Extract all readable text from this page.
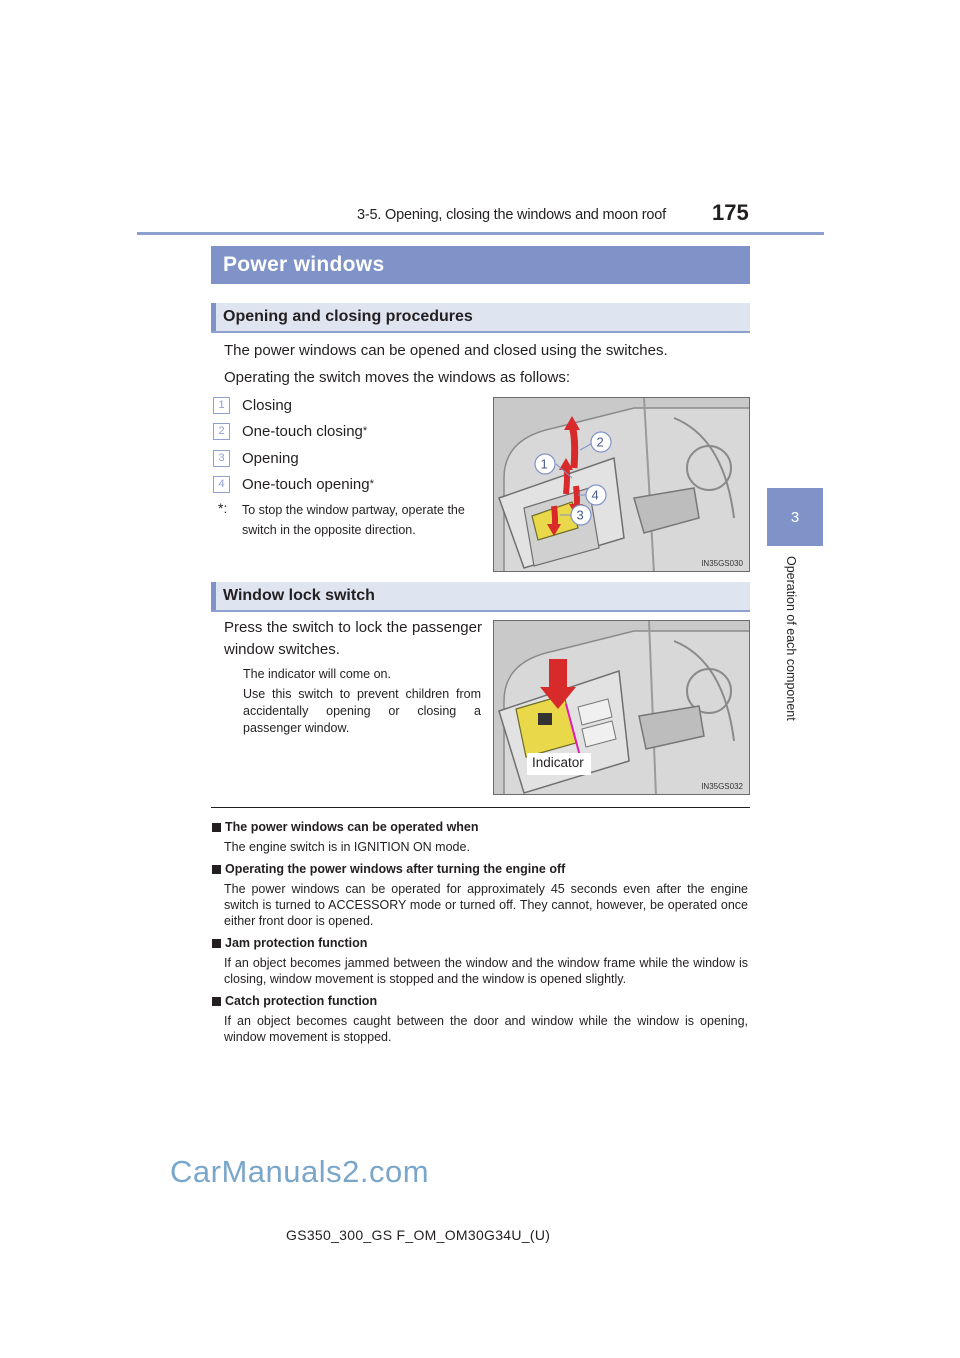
3-5. Opening, closing the windows and moon roof 175
3
Operation of each component
Power windows
Opening and closing procedures
The power windows can be opened and closed using the switches.
Operating the switch moves the windows as follows:
1	Closing
2	One-touch closing *
3	Opening
4	One-touch opening *
*:	To stop the window partway, operate the switch in the opposite direction.
1
2
3
4
IN35GS030
Window lock switch
Press the switch to lock the passenger window switches.
The indicator will come on.
Use this switch to prevent children from accidentally opening or closing a passenger window.
Indicator
IN35GS032
The power windows can be operated when
The engine switch is in IGNITION ON mode.
Operating the power windows after turning the engine off
The power windows can be operated for approximately 45 seconds even after the engine switch is turned to ACCESSORY mode or turned off. They cannot, however, be operated once either front door is opened.
Jam protection function
If an object becomes jammed between the window and the window frame while the window is closing, window movement is stopped and the window is opened slightly.
Catch protection function
If an object becomes caught between the door and window while the window is opening, window movement is stopped.
CarManuals2.com
GS350_300_GS F_OM_OM30G34U_(U)
